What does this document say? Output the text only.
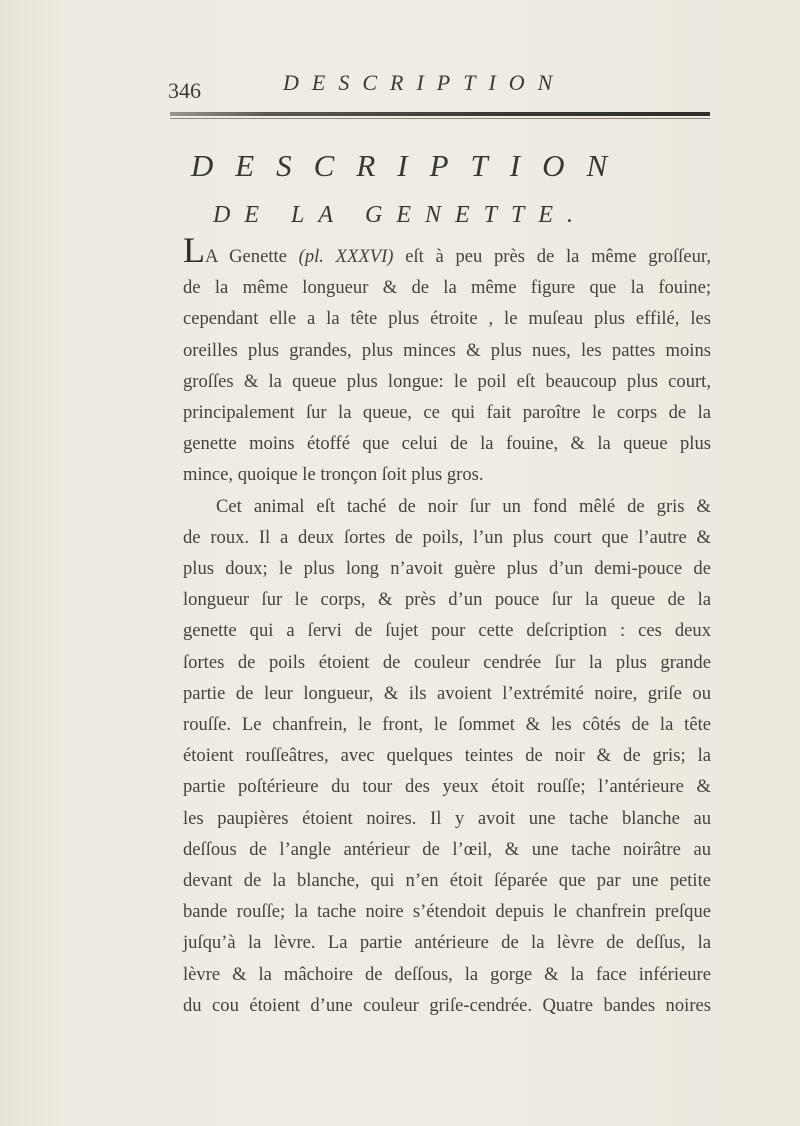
346	DESCRIPTION
DESCRIPTION
DE LA GENETTE.

LA Genette (pl. XXXVI) eſt à peu près de la même groſſeur,

de la même longueur & de la même figure que la fouine;

cependant elle a la tête plus étroite , le muſeau plus effilé, les

oreilles plus grandes, plus minces & plus nues, les pattes moins

groſſes & la queue plus longue: le poil eſt beaucoup plus court,

principalement ſur la queue, ce qui fait paroître le corps de la

genette moins étoffé que celui de la fouine, & la queue plus

mince, quoique le tronçon ſoit plus gros.

Cet animal eſt taché de noir ſur un fond mêlé de gris &

de roux. Il a deux ſortes de poils, l’un plus court que l’autre &

plus doux; le plus long n’avoit guère plus d’un demi-pouce de

longueur ſur le corps, & près d’un pouce ſur la queue de la

genette qui a ſervi de ſujet pour cette deſcription : ces deux

ſortes de poils étoient de couleur cendrée ſur la plus grande

partie de leur longueur, & ils avoient l’extrémité noire, griſe ou

rouſſe. Le chanfrein, le front, le ſommet & les côtés de la tête

étoient rouſſeâtres, avec quelques teintes de noir & de gris; la

partie poſtérieure du tour des yeux étoit rouſſe; l’antérieure &

les paupières étoient noires. Il y avoit une tache blanche au

deſſous de l’angle antérieur de l’œil, & une tache noirâtre au

devant de la blanche, qui n’en étoit ſéparée que par une petite

bande rouſſe; la tache noire s’étendoit depuis le chanfrein preſque

juſqu’à la lèvre. La partie antérieure de la lèvre de deſſus, la

lèvre & la mâchoire de deſſous, la gorge & la face inférieure

du cou étoient d’une couleur griſe-cendrée. Quatre bandes noires
